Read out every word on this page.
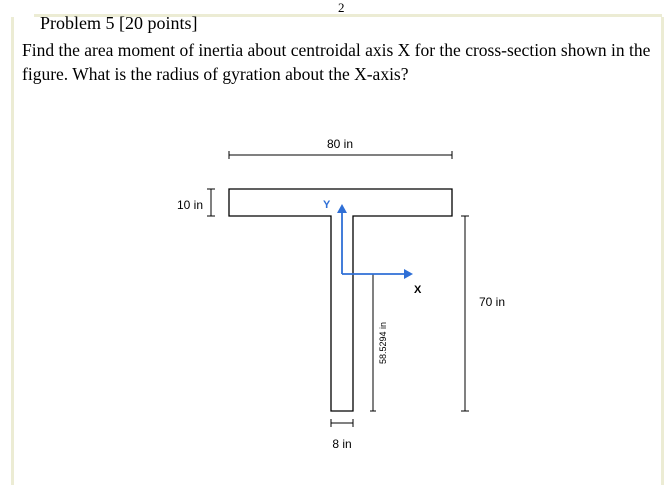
2
Problem 5 [20 points]
Find the area moment of inertia about centroidal axis X for the cross-section shown in the figure. What is the radius of gyration about the X-axis?
80 in
10 in
70 in
8 in
58.5294 in
X
Y
